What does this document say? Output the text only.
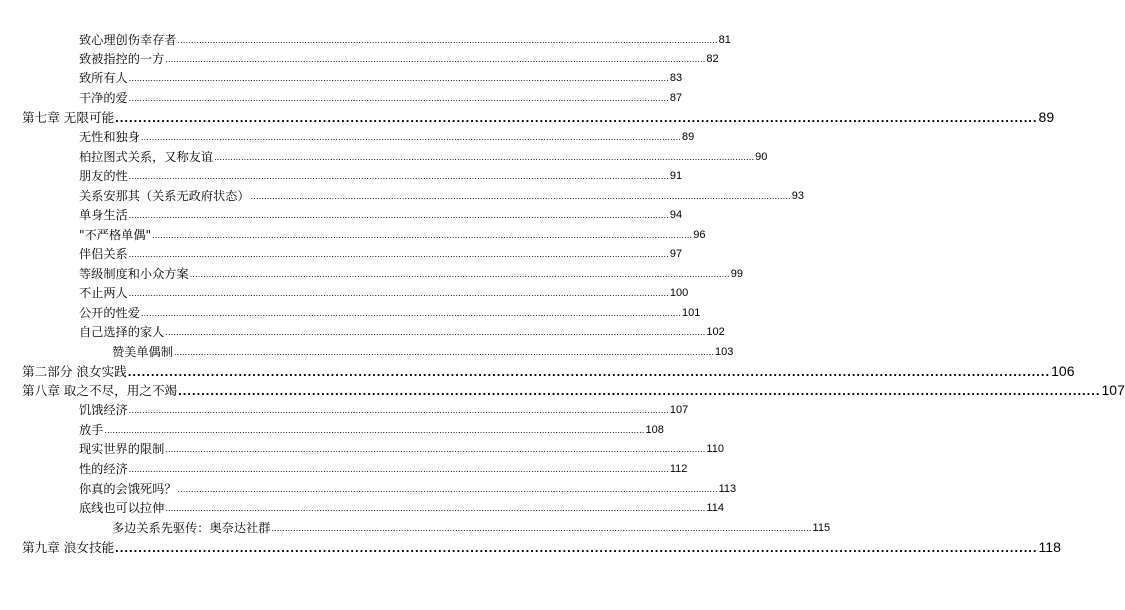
致心理创伤幸存者 ........................................................................................................................................................................................................ 81
致被指控的一方 ........................................................................................................................................................................................................ 82
致所有人 ........................................................................................................................................................................................................ 83
干净的爱 ........................................................................................................................................................................................................ 87
第七章 无限可能 ........................................................................................................................................................................................................ 89
无性和独身 ........................................................................................................................................................................................................ 89
柏拉图式关系，又称友谊 ........................................................................................................................................................................................................ 90
朋友的性 ........................................................................................................................................................................................................ 91
关系安那其（关系无政府状态） ........................................................................................................................................................................................................ 93
单身生活 ........................................................................................................................................................................................................ 94
"不严格单偶" ........................................................................................................................................................................................................ 96
伴侣关系 ........................................................................................................................................................................................................ 97
等级制度和小众方案 ........................................................................................................................................................................................................ 99
不止两人 ........................................................................................................................................................................................................ 100
公开的性爱 ........................................................................................................................................................................................................ 101
自己选择的家人 ........................................................................................................................................................................................................ 102
赞美单偶制 ........................................................................................................................................................................................................ 103
第二部分 浪女实践 ........................................................................................................................................................................................................ 106
第八章 取之不尽，用之不竭 ........................................................................................................................................................................................................ 107
饥饿经济 ........................................................................................................................................................................................................ 107
放手 ........................................................................................................................................................................................................ 108
现实世界的限制 ........................................................................................................................................................................................................ 110
性的经济 ........................................................................................................................................................................................................ 112
你真的会饿死吗？ ........................................................................................................................................................................................................ 113
底线也可以拉伸 ........................................................................................................................................................................................................ 114
多边关系先驱传：奥奈达社群 ........................................................................................................................................................................................................ 115
第九章 浪女技能 ........................................................................................................................................................................................................ 118
